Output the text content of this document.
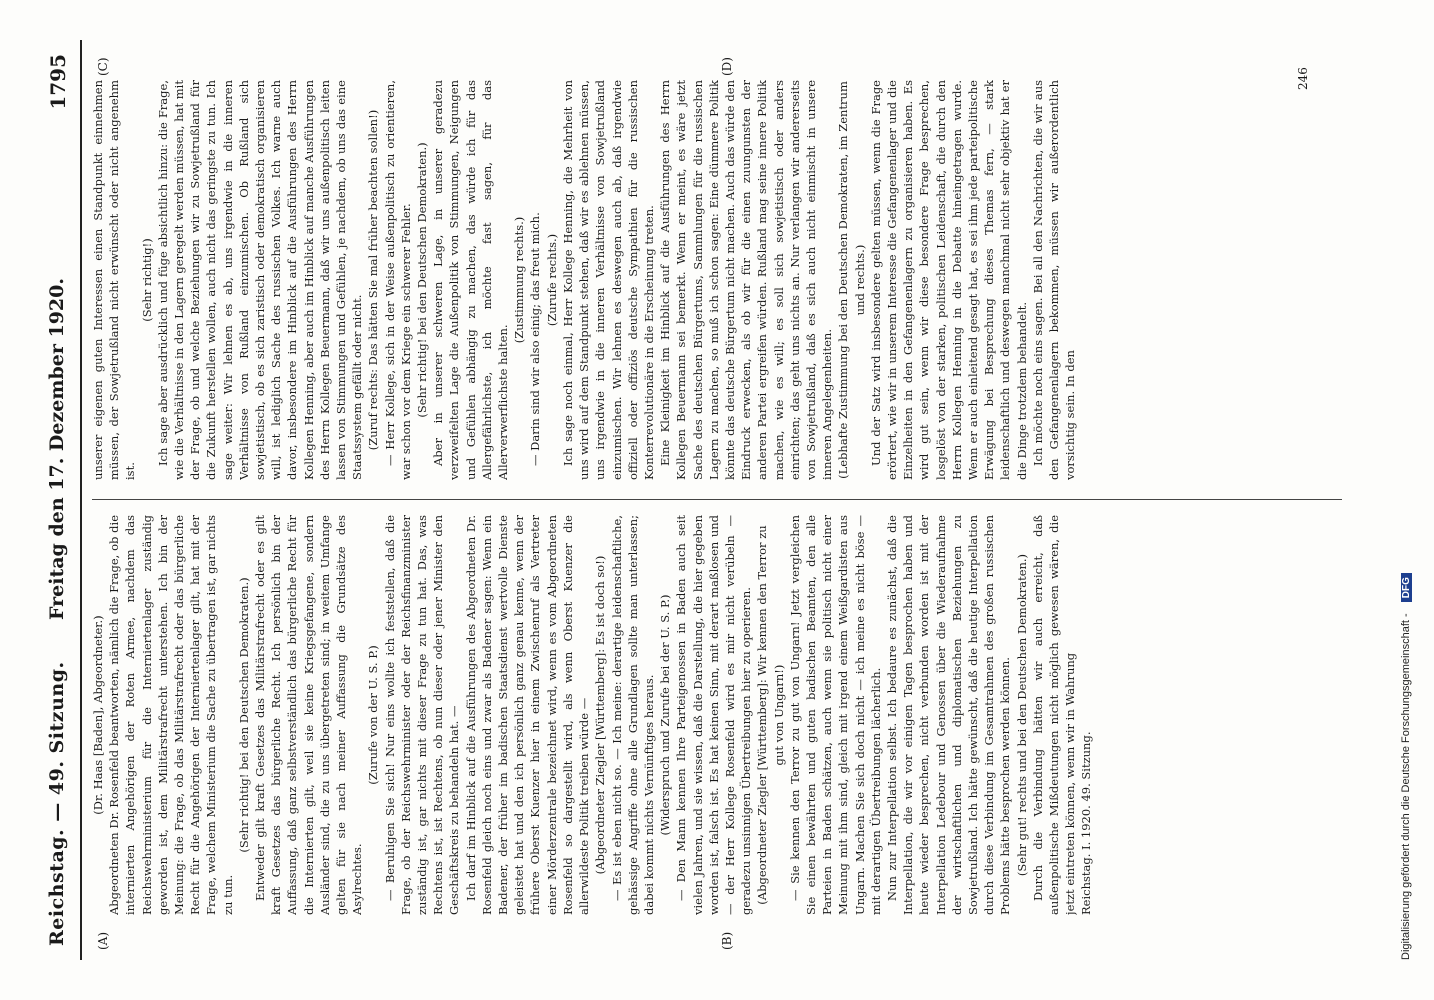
Reichstag. — 49. Sitzung.
Freitag den 17. Dezember 1920.
1795
(A)	(B)
(C)	(D)

(Dr. Haas [Baden], Abgeordneter.) Abgeordneten Dr. Rosenfeld beantworten, nämlich die Frage, ob die internierten Angehörigen der Roten Armee, nachdem das Reichswehrministerium für die Interniertenlager zuständig geworden ist, dem Militärstrafrecht unterstehen. Ich bin der Meinung: die Frage, ob das Militärstrafrecht oder das bürgerliche Recht für die Angehörigen der Interniertenlager gilt, hat mit der Frage, welchem Ministerium die Sache zu übertragen ist, gar nichts zu tun.

(Sehr richtig! bei den Deutschen Demokraten.) Entweder gilt kraft Gesetzes das Militärstrafrecht oder es gilt kraft Gesetzes das bürgerliche Recht. Ich persönlich bin der Auffassung, daß ganz selbstverständlich das bürgerliche Recht für die Internierten gilt, weil sie keine Kriegsgefangene, sondern Ausländer sind, die zu uns übergetreten sind; in weitem Umfange gelten für sie nach meiner Auffassung die Grundsätze des Asylrechtes.

(Zurufe von der U. S. P.) — Beruhigen Sie sich! Nur eins wollte ich feststellen, daß die Frage, ob der Reichswehrminister oder der Reichsfinanzminister zuständig ist, gar nichts mit dieser Frage zu tun hat. Das, was Rechtens ist, ist Rechtens, ob nun dieser oder jener Minister den Geschäftskreis zu behandeln hat. — Ich darf im Hinblick auf die Ausführungen des Abgeordneten Dr. Rosenfeld gleich noch eins und zwar als Badener sagen: Wenn ein Badener, der früher im badischen Staatsdienst wertvolle Dienste geleistet hat und den ich persönlich ganz genau kenne, wenn der frühere Oberst Kuenzer hier in einem Zwischenruf als Vertreter einer Mörderzentrale bezeichnet wird, wenn es vom Abgeordneten Rosenfeld so dargestellt wird, als wenn Oberst Kuenzer die allerwildeste Politik treiben würde — (Abgeordneter Ziegler [Württemberg]: Es ist doch so!) — Es ist eben nicht so. — Ich meine: derartige leidenschaftliche, gehässige Angriffe ohne alle Grundlagen sollte man unterlassen; dabei kommt nichts Vernünftiges heraus. (Widerspruch und Zurufe bei der U. S. P.) — Den Mann kennen Ihre Parteigenossen in Baden auch seit vielen Jahren, und sie wissen, daß die Darstellung, die hier gegeben worden ist, falsch ist. Es hat keinen Sinn, mit derart maßlosen und — der Herr Kollege Rosenfeld wird es mir nicht verübeln — geradezu unsinnigen Übertreibungen hier zu operieren. (Abgeordneter Ziegler [Württemberg]: Wir kennen den Terror zu gut von Ungarn!) — Sie kennen den Terror zu gut von Ungarn! Jetzt vergleichen Sie einen bewährten und guten badischen Beamten, den alle Parteien in Baden schätzen, auch wenn sie politisch nicht einer Meinung mit ihm sind, gleich mit irgend einem Weißgardisten aus Ungarn. Machen Sie sich doch nicht — ich meine es nicht böse — mit derartigen Übertreibungen lächerlich. Nun zur Interpellation selbst. Ich bedaure es zunächst, daß die Interpellation, die wir vor einigen Tagen besprochen haben und heute wieder besprechen, nicht verbunden worden ist mit der Interpellation Ledebour und Genossen über die Wiederaufnahme der wirtschaftlichen und diplomatischen Beziehungen zu Sowjetrußland. Ich hätte gewünscht, daß die heutige Interpellation durch diese Verbindung im Gesamtrahmen des großen russischen Problems hätte besprochen werden können. (Sehr gut! rechts und bei den Deutschen Demokraten.) Durch die Verbindung hätten wir auch erreicht, daß außenpolitische Mißdeutungen nicht möglich gewesen wären, die jetzt eintreten können, wenn wir in Wahrung Reichstag. I. 1920. 49. Sitzung.

unserer eigenen guten Interessen einen Standpunkt einnehmen müssen, der Sowjetrußland nicht erwünscht oder nicht angenehm ist.

(Sehr richtig!) Ich sage aber ausdrücklich und füge absichtlich hinzu: die Frage, wie die Verhältnisse in den Lagern geregelt werden müssen, hat mit der Frage, ob und welche Beziehungen wir zu Sowjetrußland für die Zukunft herstellen wollen, auch nicht das geringste zu tun. Ich sage weiter: Wir lehnen es ab, uns irgendwie in die inneren Verhältnisse von Rußland einzumischen. Ob Rußland sich sowjetistisch, ob es sich zaristisch oder demokratisch organisieren will, ist lediglich Sache des russischen Volkes. Ich warne auch davor, insbesondere im Hinblick auf die Ausführungen des Herrn Kollegen Henning, aber auch im Hinblick auf manche Ausführungen des Herrn Kollegen Beuermann, daß wir uns außenpolitisch leiten lassen von Stimmungen und Gefühlen, je nachdem, ob uns das eine Staatssystem gefällt oder nicht. (Zuruf rechts: Das hätten Sie mal früher beachten sollen!) — Herr Kollege, sich in der Weise außenpolitisch zu orientieren, war schon vor dem Kriege ein schwerer Fehler. (Sehr richtig! bei den Deutschen Demokraten.) Aber in unserer schweren Lage, in unserer geradezu verzweifelten Lage die Außenpolitik von Stimmungen, Neigungen und Gefühlen abhängig zu machen, das würde ich für das Allergefährlichste, ich möchte fast sagen, für das Allerverwerflichste halten.

(Zustimmung rechts.) — Darin sind wir also einig; das freut mich. (Zurufe rechts.) Ich sage noch einmal, Herr Kollege Henning, die Mehrheit von uns wird auf dem Standpunkt stehen, daß wir es ablehnen müssen, uns irgendwie in die inneren Verhältnisse von Sowjetrußland einzumischen. Wir lehnen es deswegen auch ab, daß irgendwie offiziell oder offiziös deutsche Sympathien für die russischen Konterrevolutionäre in die Erscheinung treten. Eine Kleinigkeit im Hinblick auf die Ausführungen des Herrn Kollegen Beuermann sei bemerkt. Wenn er meint, es wäre jetzt Sache des deutschen Bürgertums, Sammlungen für die russischen Lagern zu machen, so muß ich schon sagen: Eine dümmere Politik könnte das deutsche Bürgertum nicht machen. Auch das würde den Eindruck erwecken, als ob wir für die einen zuungunsten der anderen Partei ergreifen würden. Rußland mag seine innere Politik machen, wie es will; es soll sich sowjetistisch oder anders einrichten; das geht uns nichts an. Nur verlangen wir andererseits von Sowjetrußland, daß es sich auch nicht einmischt in unsere inneren Angelegenheiten. (Lebhafte Zustimmung bei den Deutschen Demokraten, im Zentrum und rechts.) Und der Satz wird insbesondere gelten müssen, wenn die Frage erörtert, wie wir in unserem Interesse die Gefangenenlager und die Einzelheiten in den Gefangenenlagern zu organisieren haben. Es wird gut sein, wenn wir diese besondere Frage besprechen, losgelöst von der starken, politischen Leidenschaft, die durch den Herrn Kollegen Henning in die Debatte hineingetragen wurde. Wenn er auch einleitend gesagt hat, es sei ihm jede parteipolitische Erwägung bei Besprechung dieses Themas fern, — stark leidenschaftlich und deswegen manchmal nicht sehr objektiv hat er die Dinge trotzdem behandelt. Ich möchte noch eins sagen. Bei all den Nachrichten, die wir aus den Gefangenenlagern bekommen, müssen wir außerordentlich vorsichtig sein. In den

246
Digitalisierung gefördert durch die Deutsche Forschungsgemeinschaft - DFG
